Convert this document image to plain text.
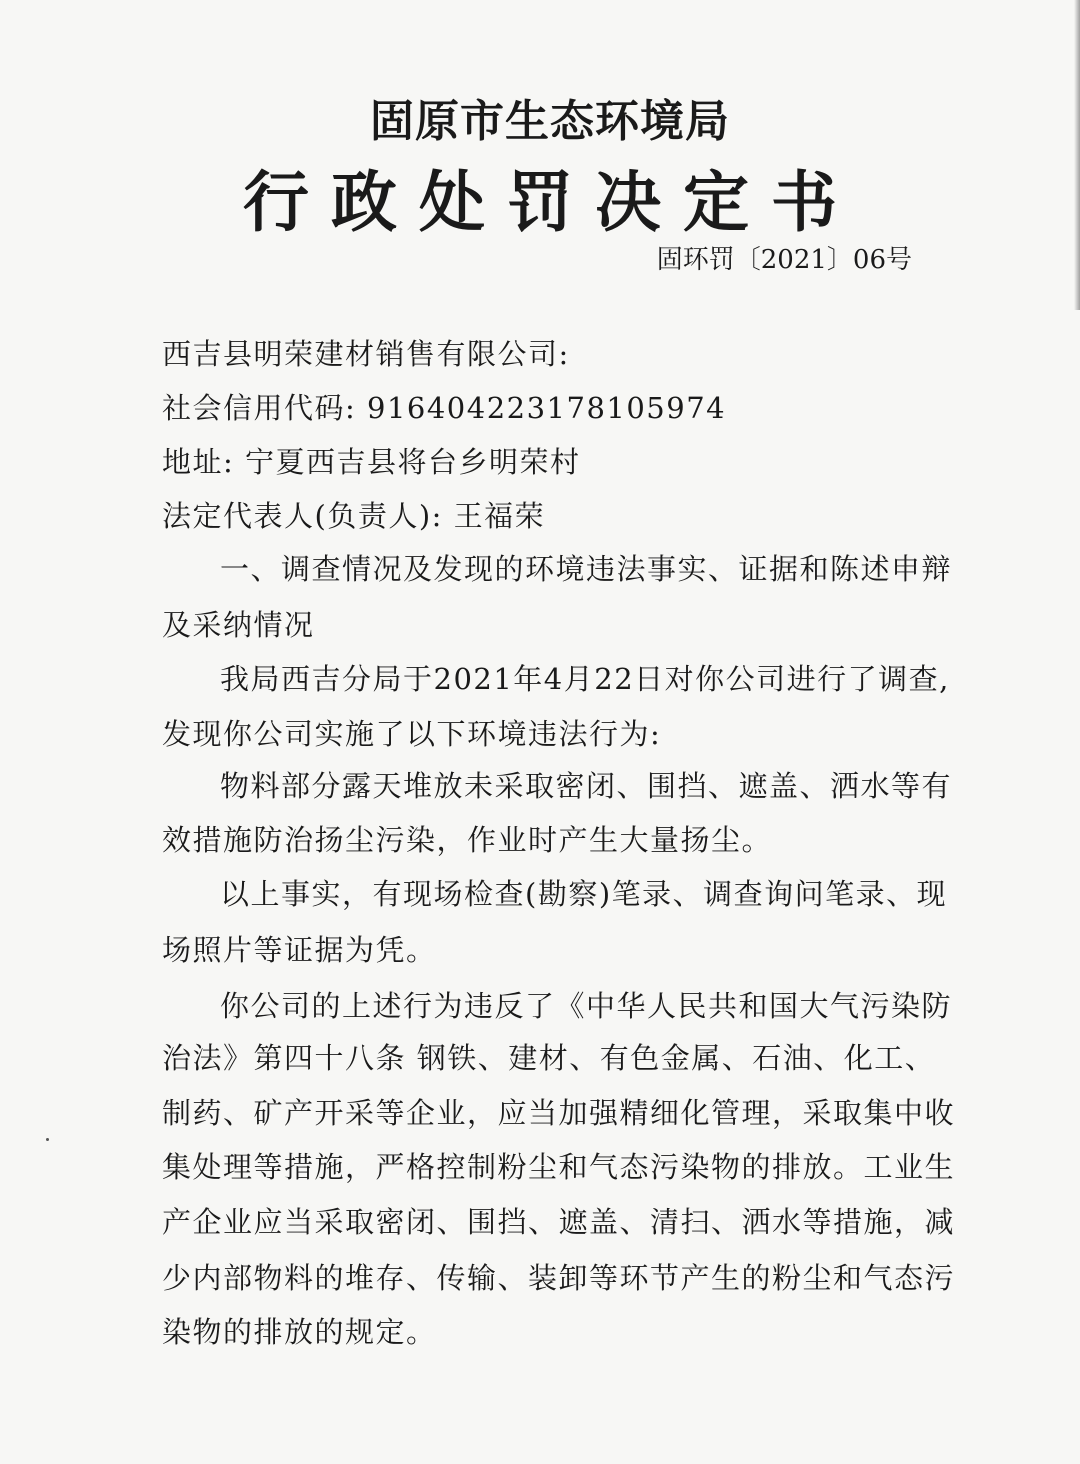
固原市生态环境局
行政处罚决定书
固环罚〔2021〕06号
西吉县明荣建材销售有限公司:
社会信用代码: 916404223178105974
地址: 宁夏西吉县将台乡明荣村
法定代表人(负责人): 王福荣
一、调查情况及发现的环境违法事实、证据和陈述申辩
及采纳情况
我局西吉分局于2021年4月22日对你公司进行了调查,
发现你公司实施了以下环境违法行为:
物料部分露天堆放未采取密闭、围挡、遮盖、洒水等有
效措施防治扬尘污染，作业时产生大量扬尘。
以上事实，有现场检查(勘察)笔录、调查询问笔录、现
场照片等证据为凭。
你公司的上述行为违反了《中华人民共和国大气污染防
治法》第四十八条 钢铁、建材、有色金属、石油、化工、
制药、矿产开采等企业，应当加强精细化管理，采取集中收
集处理等措施，严格控制粉尘和气态污染物的排放。工业生
产企业应当采取密闭、围挡、遮盖、清扫、洒水等措施，减
少内部物料的堆存、传输、装卸等环节产生的粉尘和气态污
染物的排放的规定。
